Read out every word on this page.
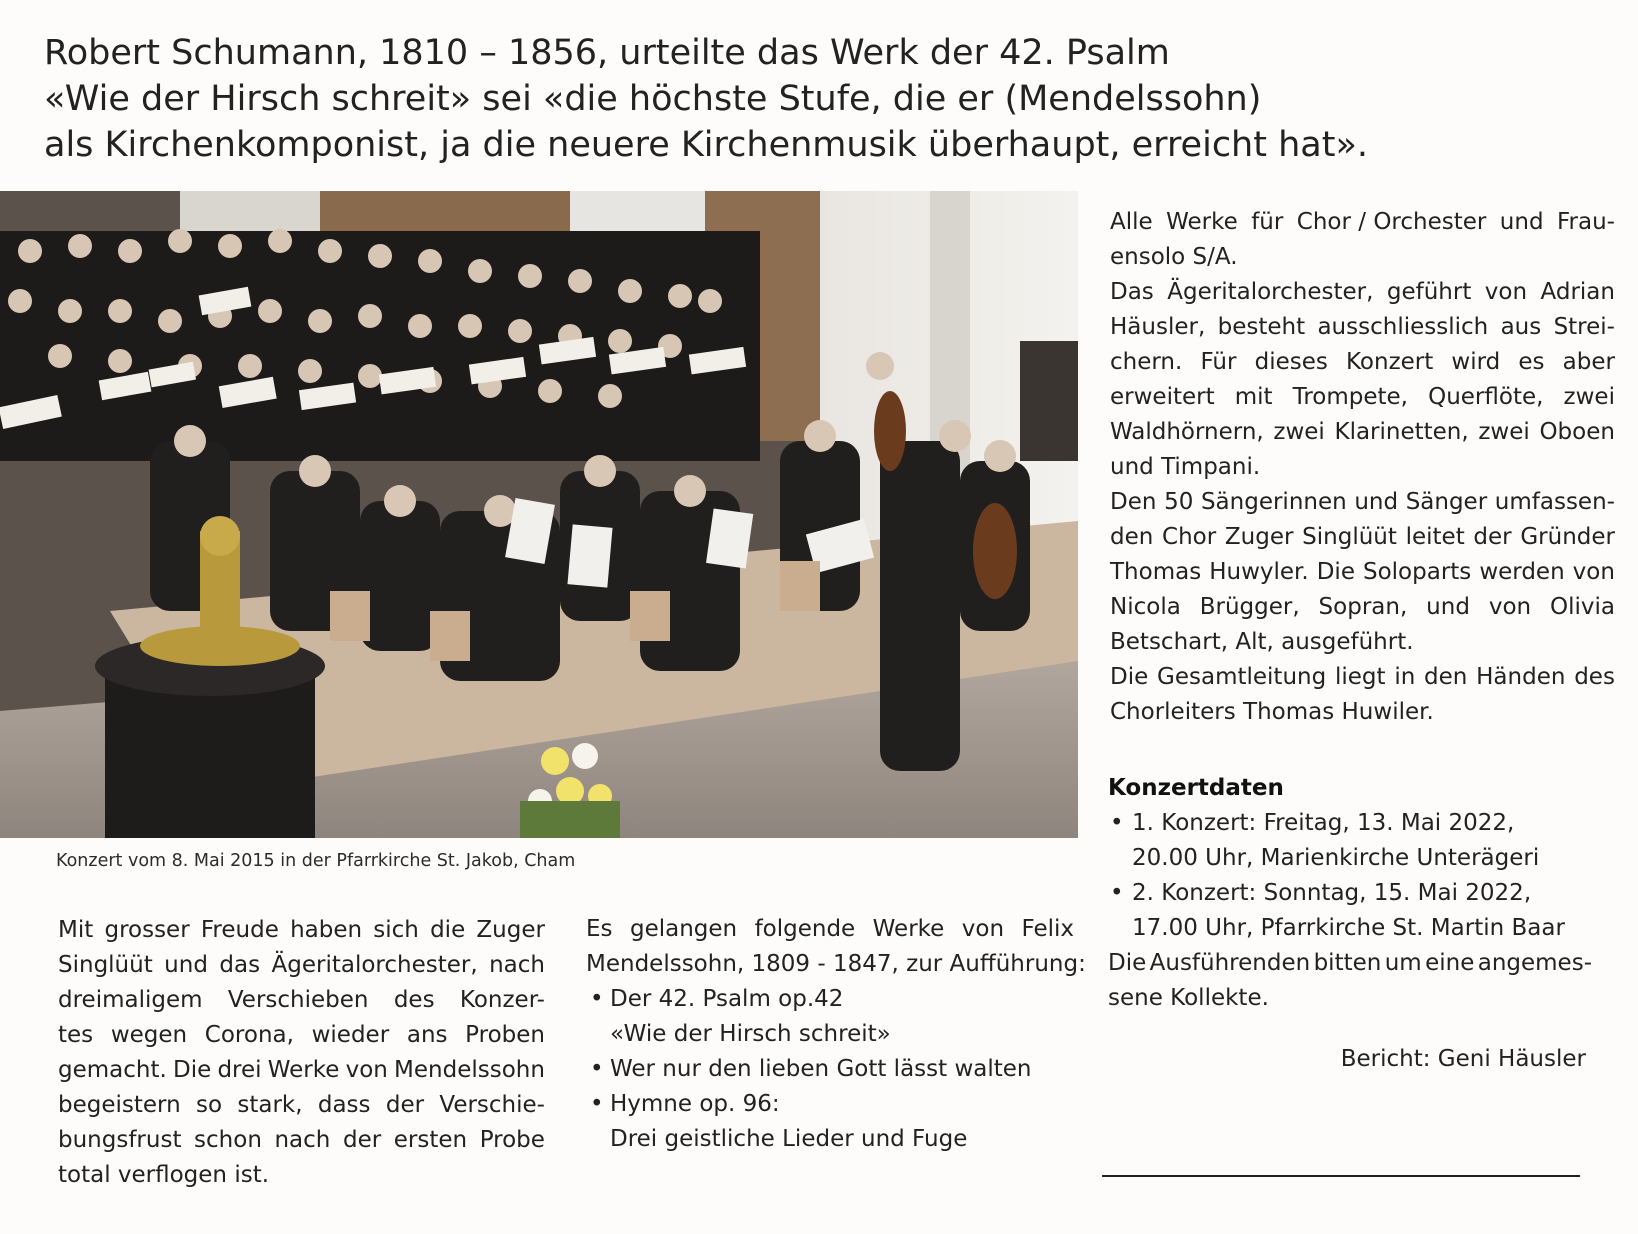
Robert Schumann, 1810 – 1856, urteilte das Werk der 42. Psalm
«Wie der Hirsch schreit» sei «die höchste Stufe, die er (Mendelssohn)
als Kirchenkomponist, ja die neuere Kirchenmusik überhaupt, erreicht hat».
Konzert vom 8. Mai 2015 in der Pfarrkirche St. Jakob, Cham
Mit grosser Freude haben sich die Zuger
Singlüüt und das Ägeritalorchester, nach
dreimaligem Verschieben des Konzer-
tes wegen Corona, wieder ans Proben
gemacht. Die drei Werke von Mendelssohn
begeistern so stark, dass der Verschie-
bungsfrust schon nach der ersten Probe
total verflogen ist.
Es gelangen folgende Werke von Felix
Mendelssohn, 1809 - 1847, zur Aufführung:
• Der 42. Psalm op.42
«Wie der Hirsch schreit»
• Wer nur den lieben Gott lässt walten
• Hymne op. 96:
Drei geistliche Lieder und Fuge
Alle Werke für Chor / Orchester und Frau-
ensolo S/A.
Das Ägeritalorchester, geführt von Adrian
Häusler, besteht ausschliesslich aus Strei-
chern. Für dieses Konzert wird es aber
erweitert mit Trompete, Querflöte, zwei
Waldhörnern, zwei Klarinetten, zwei Oboen
und Timpani.
Den 50 Sängerinnen und Sänger umfassen-
den Chor Zuger Singlüüt leitet der Gründer
Thomas Huwyler. Die Soloparts werden von
Nicola Brügger, Sopran, und von Olivia
Betschart, Alt, ausgeführt.
Die Gesamtleitung liegt in den Händen des
Chorleiters Thomas Huwiler.
Konzertdaten
• 1. Konzert: Freitag, 13. Mai 2022,
20.00 Uhr, Marienkirche Unterägeri
• 2. Konzert: Sonntag, 15. Mai 2022,
17.00 Uhr, Pfarrkirche St. Martin Baar
Die Ausführenden bitten um eine angemes-
sene Kollekte.
Bericht: Geni Häusler
